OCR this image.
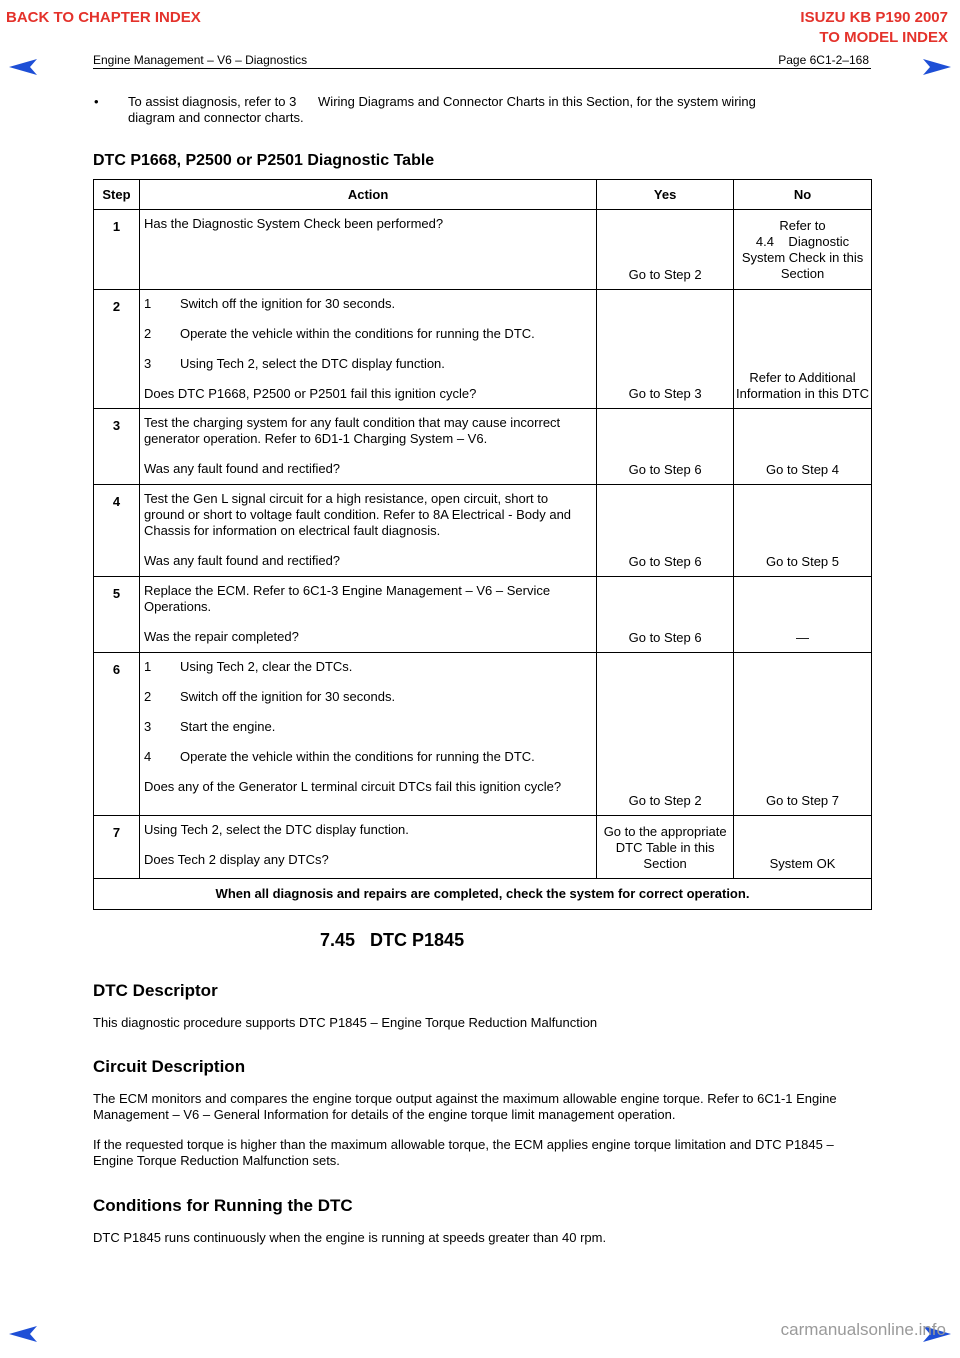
BACK TO CHAPTER INDEX	ISUZU KB P190 2007
TO MODEL INDEX
Engine Management – V6 – Diagnostics	Page 6C1-2–168
• To assist diagnosis, refer to 3      Wiring Diagrams and Connector Charts in this Section, for the system wiring
diagram and connector charts.
DTC P1668, P2500 or P2501 Diagnostic Table
Step	Action	Yes	No
1	Has the Diagnostic System Check been performed?	Go to Step 2	Refer to 4.4    Diagnostic System Check in this Section
2	1 Switch off the ignition for 30 seconds.
2 Operate the vehicle within the conditions for running the DTC.
3 Using Tech 2, select the DTC display function.

Does DTC P1668, P2500 or P2501 fail this ignition cycle?	Go to Step 3	Refer to Additional Information in this DTC
3	Test the charging system for any fault condition that may cause incorrect generator operation. Refer to 6D1-1 Charging System – V6.

Was any fault found and rectified?	Go to Step 6	Go to Step 4
4	Test the Gen L signal circuit for a high resistance, open circuit, short to ground or short to voltage fault condition. Refer to 8A Electrical - Body and Chassis for information on electrical fault diagnosis.

Was any fault found and rectified?	Go to Step 6	Go to Step 5
5	Replace the ECM. Refer to 6C1-3 Engine Management – V6 – Service Operations.

Was the repair completed?	Go to Step 6	—
6	1 Using Tech 2, clear the DTCs.
2 Switch off the ignition for 30 seconds.
3 Start the engine.
4 Operate the vehicle within the conditions for running the DTC.

Does any of the Generator L terminal circuit DTCs fail this ignition cycle?	Go to Step 2	Go to Step 7
7	Using Tech 2, select the DTC display function.

Does Tech 2 display any DTCs?	Go to the appropriate DTC Table in this Section	System OK
When all diagnosis and repairs are completed, check the system for correct operation.			
7.45   DTC P1845
DTC Descriptor
This diagnostic procedure supports DTC P1845 – Engine Torque Reduction Malfunction
Circuit Description
The ECM monitors and compares the engine torque output against the maximum allowable engine torque. Refer to 6C1-1 Engine Management – V6 – General Information for details of the engine torque limit management operation.
If the requested torque is higher than the maximum allowable torque, the ECM applies engine torque limitation and DTC P1845 – Engine Torque Reduction Malfunction sets.
Conditions for Running the DTC
DTC P1845 runs continuously when the engine is running at speeds greater than 40 rpm.
carmanualsonline.info
